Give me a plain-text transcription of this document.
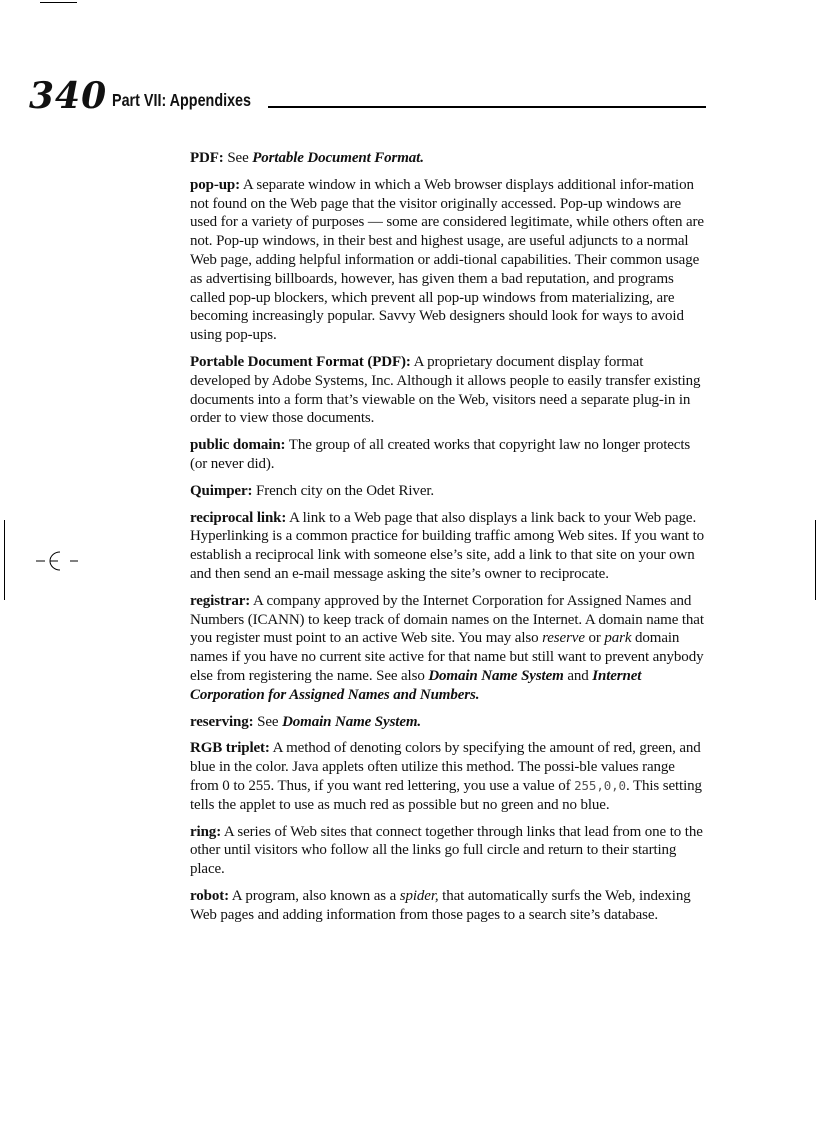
340 Part VII: Appendixes

PDF: See Portable Document Format.

pop-up: A separate window in which a Web browser displays additional infor-mation not found on the Web page that the visitor originally accessed. Pop-up windows are used for a variety of purposes — some are considered legitimate, while others often are not. Pop-up windows, in their best and highest usage, are useful adjuncts to a normal Web page, adding helpful information or addi-tional capabilities. Their common usage as advertising billboards, however, has given them a bad reputation, and programs called pop-up blockers, which prevent all pop-up windows from materializing, are becoming increasingly popular. Savvy Web designers should look for ways to avoid using pop-ups.

Portable Document Format (PDF): A proprietary document display format developed by Adobe Systems, Inc. Although it allows people to easily transfer existing documents into a form that’s viewable on the Web, visitors need a separate plug-in in order to view those documents.

public domain: The group of all created works that copyright law no longer protects (or never did).

Quimper: French city on the Odet River.

reciprocal link: A link to a Web page that also displays a link back to your Web page. Hyperlinking is a common practice for building traffic among Web sites. If you want to establish a reciprocal link with someone else’s site, add a link to that site on your own and then send an e-mail message asking the site’s owner to reciprocate.

registrar: A company approved by the Internet Corporation for Assigned Names and Numbers (ICANN) to keep track of domain names on the Internet. A domain name that you register must point to an active Web site. You may also reserve or park domain names if you have no current site active for that name but still want to prevent anybody else from registering the name. See also Domain Name System and Internet Corporation for Assigned Names and Numbers.

reserving: See Domain Name System.

RGB triplet: A method of denoting colors by specifying the amount of red, green, and blue in the color. Java applets often utilize this method. The possi-ble values range from 0 to 255. Thus, if you want red lettering, you use a value of 255,0,0. This setting tells the applet to use as much red as possible but no green and no blue.

ring: A series of Web sites that connect together through links that lead from one to the other until visitors who follow all the links go full circle and return to their starting place.

robot: A program, also known as a spider, that automatically surfs the Web, indexing Web pages and adding information from those pages to a search site’s database.
